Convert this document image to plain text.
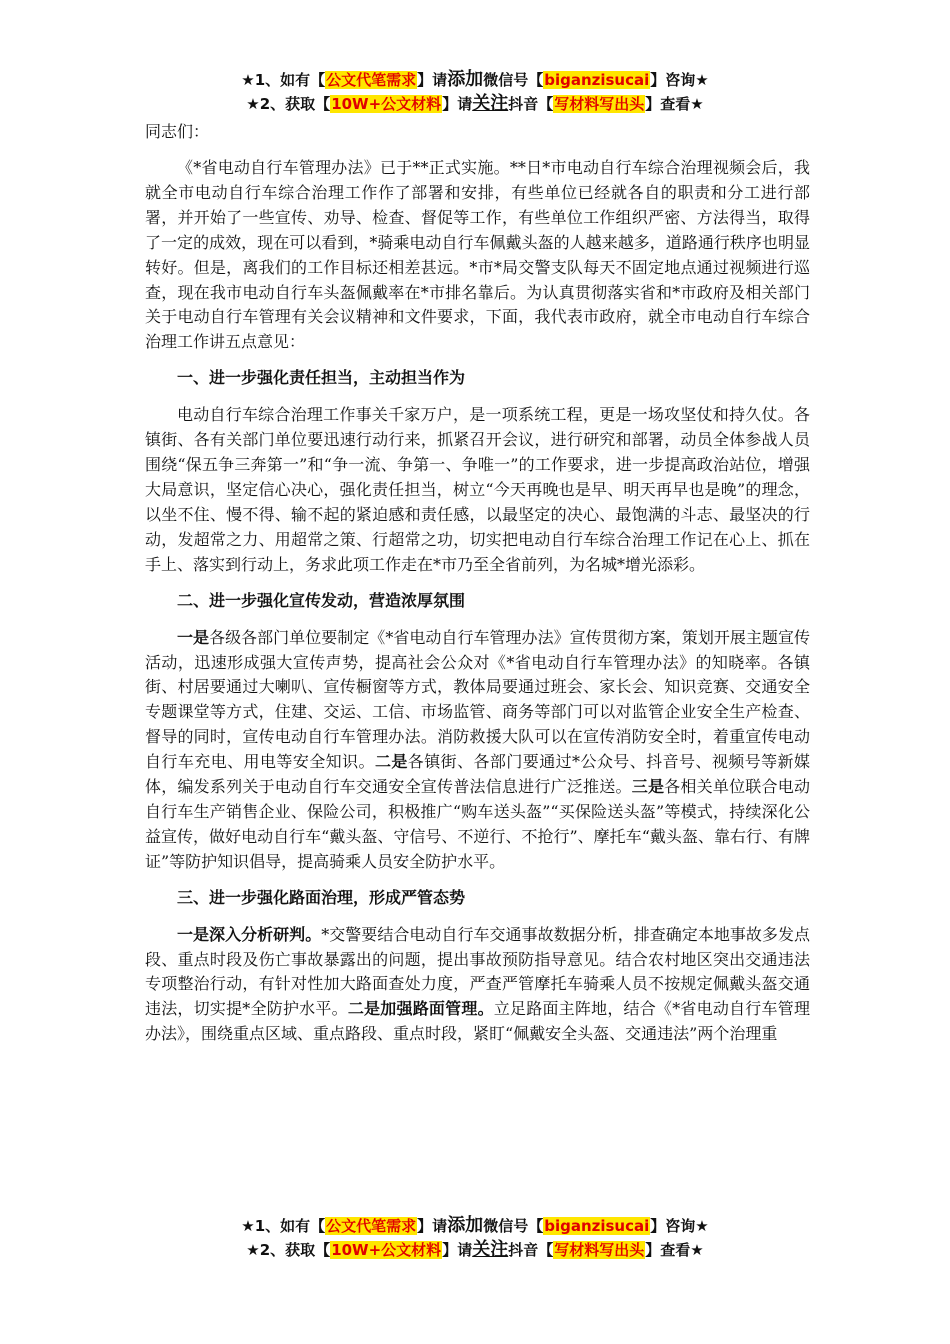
★1、如有【公文代笔需求】请添加微信号【biganzisucai】咨询★
★2、获取【10W+公文材料】请关注抖音【写材料写出头】查看★
同志们：

《*省电动自行车管理办法》已于**正式实施。**日*市电动自行车综合治理视频会后，我就全市电动自行车综合治理工作作了部署和安排，有些单位已经就各自的职责和分工进行部署，并开始了一些宣传、劝导、检查、督促等工作，有些单位工作组织严密、方法得当，取得了一定的成效，现在可以看到，*骑乘电动自行车佩戴头盔的人越来越多，道路通行秩序也明显转好。但是，离我们的工作目标还相差甚远。*市*局交警支队每天不固定地点通过视频进行巡查，现在我市电动自行车头盔佩戴率在*市排名靠后。为认真贯彻落实省和*市政府及相关部门关于电动自行车管理有关会议精神和文件要求，下面，我代表市政府，就全市电动自行车综合治理工作讲五点意见：

一、进一步强化责任担当，主动担当作为

电动自行车综合治理工作事关千家万户，是一项系统工程，更是一场攻坚仗和持久仗。各镇街、各有关部门单位要迅速行动行来，抓紧召开会议，进行研究和部署，动员全体参战人员围绕“保五争三奔第一”和“争一流、争第一、争唯一”的工作要求，进一步提高政治站位，增强大局意识，坚定信心决心，强化责任担当，树立“今天再晚也是早、明天再早也是晚”的理念，以坐不住、慢不得、输不起的紧迫感和责任感，以最坚定的决心、最饱满的斗志、最坚决的行动，发超常之力、用超常之策、行超常之功，切实把电动自行车综合治理工作记在心上、抓在手上、落实到行动上，务求此项工作走在*市乃至全省前列，为名城*增光添彩。

二、进一步强化宣传发动，营造浓厚氛围

一是各级各部门单位要制定《*省电动自行车管理办法》宣传贯彻方案，策划开展主题宣传活动，迅速形成强大宣传声势，提高社会公众对《*省电动自行车管理办法》的知晓率。各镇街、村居要通过大喇叭、宣传橱窗等方式，教体局要通过班会、家长会、知识竞赛、交通安全专题课堂等方式，住建、交运、工信、市场监管、商务等部门可以对监管企业安全生产检查、督导的同时，宣传电动自行车管理办法。消防救援大队可以在宣传消防安全时，着重宣传电动自行车充电、用电等安全知识。二是各镇街、各部门要通过*公众号、抖音号、视频号等新媒体，编发系列关于电动自行车交通安全宣传普法信息进行广泛推送。三是各相关单位联合电动自行车生产销售企业、保险公司，积极推广“购车送头盔”“买保险送头盔”等模式，持续深化公益宣传，做好电动自行车“戴头盔、守信号、不逆行、不抢行”、摩托车“戴头盔、靠右行、有牌证”等防护知识倡导，提高骑乘人员安全防护水平。

三、进一步强化路面治理，形成严管态势

一是深入分析研判。*交警要结合电动自行车交通事故数据分析，排查确定本地事故多发点段、重点时段及伤亡事故暴露出的问题，提出事故预防指导意见。结合农村地区突出交通违法专项整治行动，有针对性加大路面查处力度，严查严管摩托车骑乘人员不按规定佩戴头盔交通违法，切实提*全防护水平。二是加强路面管理。立足路面主阵地，结合《*省电动自行车管理办法》，围绕重点区域、重点路段、重点时段，紧盯“佩戴安全头盔、交通违法”两个治理重

★1、如有【公文代笔需求】请添加微信号【biganzisucai】咨询★
★2、获取【10W+公文材料】请关注抖音【写材料写出头】查看★
